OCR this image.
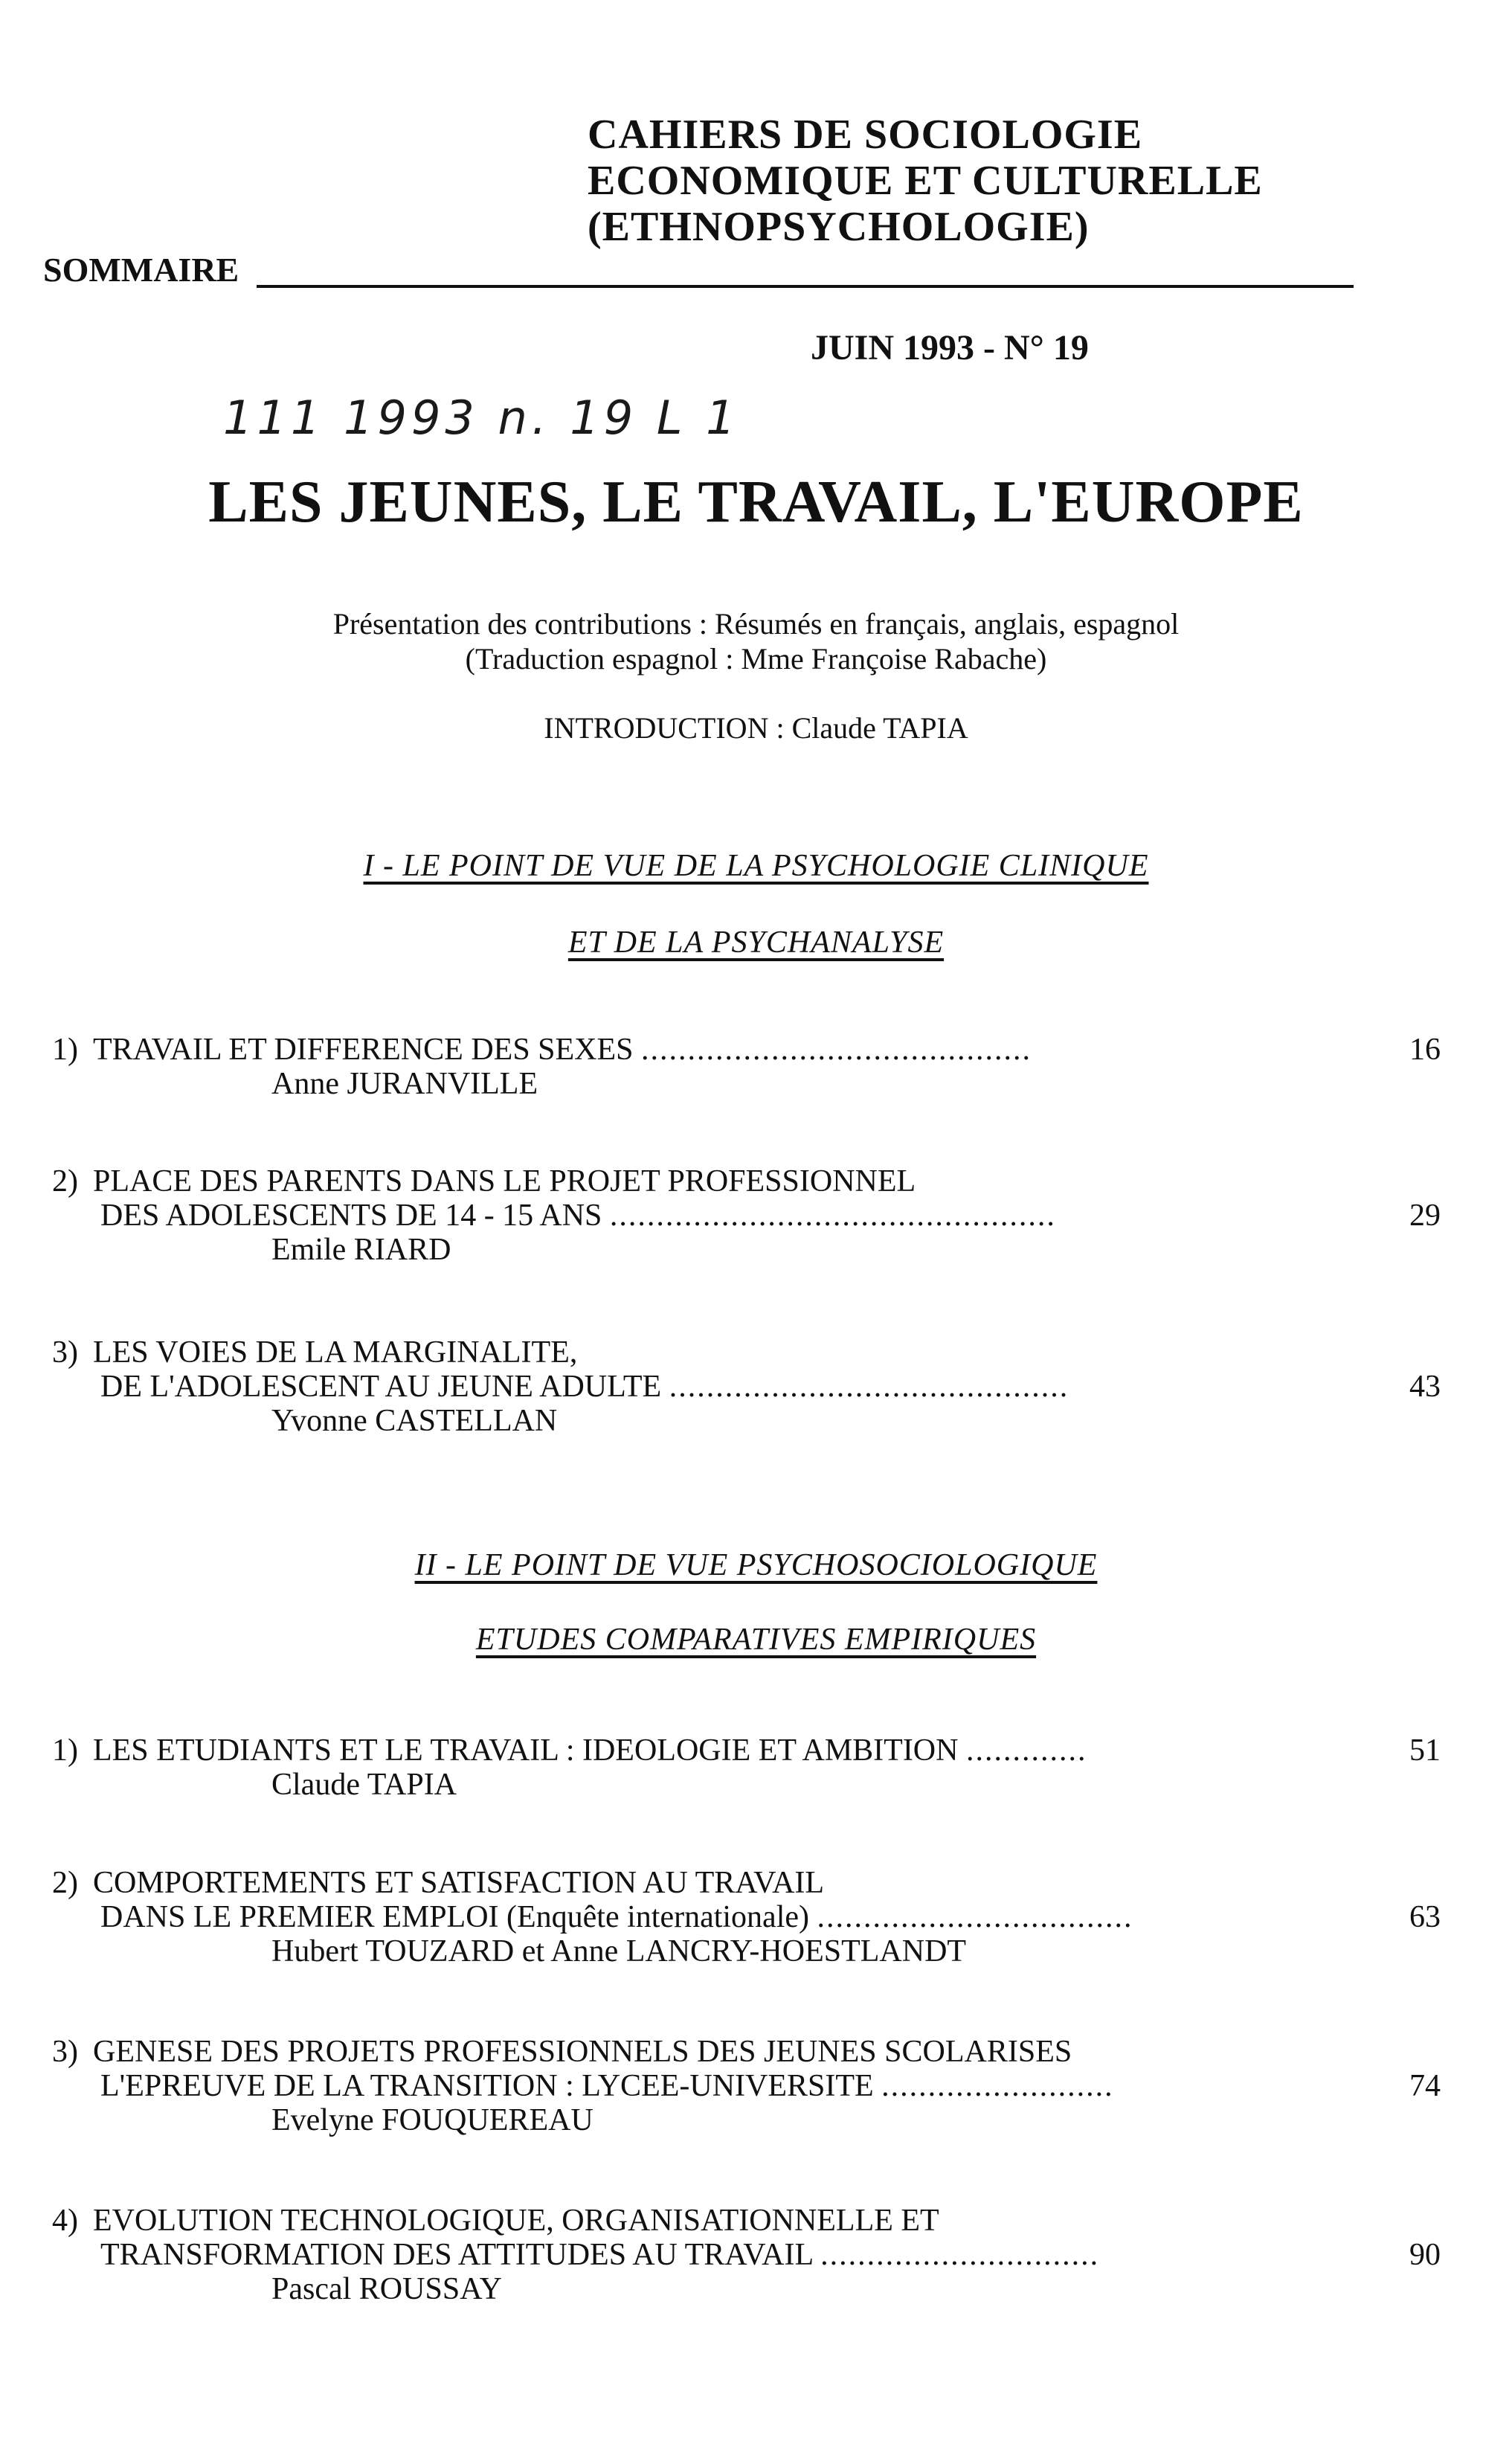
CAHIERS DE SOCIOLOGIE
ECONOMIQUE ET CULTURELLE
(ETHNOPSYCHOLOGIE)
SOMMAIRE
JUIN 1993 - N° 19
111 1993 n. 19 L 1
LES JEUNES, LE TRAVAIL, L'EUROPE
Présentation des contributions : Résumés en français, anglais, espagnol
(Traduction espagnol : Mme Françoise Rabache)
INTRODUCTION : Claude TAPIA
I - LE POINT DE VUE DE LA PSYCHOLOGIE CLINIQUE
ET DE LA PSYCHANALYSE
1) TRAVAIL ET DIFFERENCE DES SEXES ..........................................	16
Anne JURANVILLE
2) PLACE DES PARENTS DANS LE PROJET PROFESSIONNEL
DES ADOLESCENTS DE 14 - 15 ANS ................................................	29
Emile RIARD
3) LES VOIES DE LA MARGINALITE,
DE L'ADOLESCENT AU JEUNE ADULTE ...........................................	43
Yvonne CASTELLAN
II - LE POINT DE VUE PSYCHOSOCIOLOGIQUE
ETUDES COMPARATIVES EMPIRIQUES
1) LES ETUDIANTS ET LE TRAVAIL : IDEOLOGIE ET AMBITION .............	51
Claude TAPIA
2) COMPORTEMENTS ET SATISFACTION AU TRAVAIL
DANS LE PREMIER EMPLOI (Enquête internationale) ..................................	63
Hubert TOUZARD et Anne LANCRY-HOESTLANDT
3) GENESE DES PROJETS PROFESSIONNELS DES JEUNES SCOLARISES
L'EPREUVE DE LA TRANSITION : LYCEE-UNIVERSITE .........................	74
Evelyne FOUQUEREAU
4) EVOLUTION TECHNOLOGIQUE, ORGANISATIONNELLE ET
TRANSFORMATION DES ATTITUDES AU TRAVAIL ..............................	90
Pascal ROUSSAY
